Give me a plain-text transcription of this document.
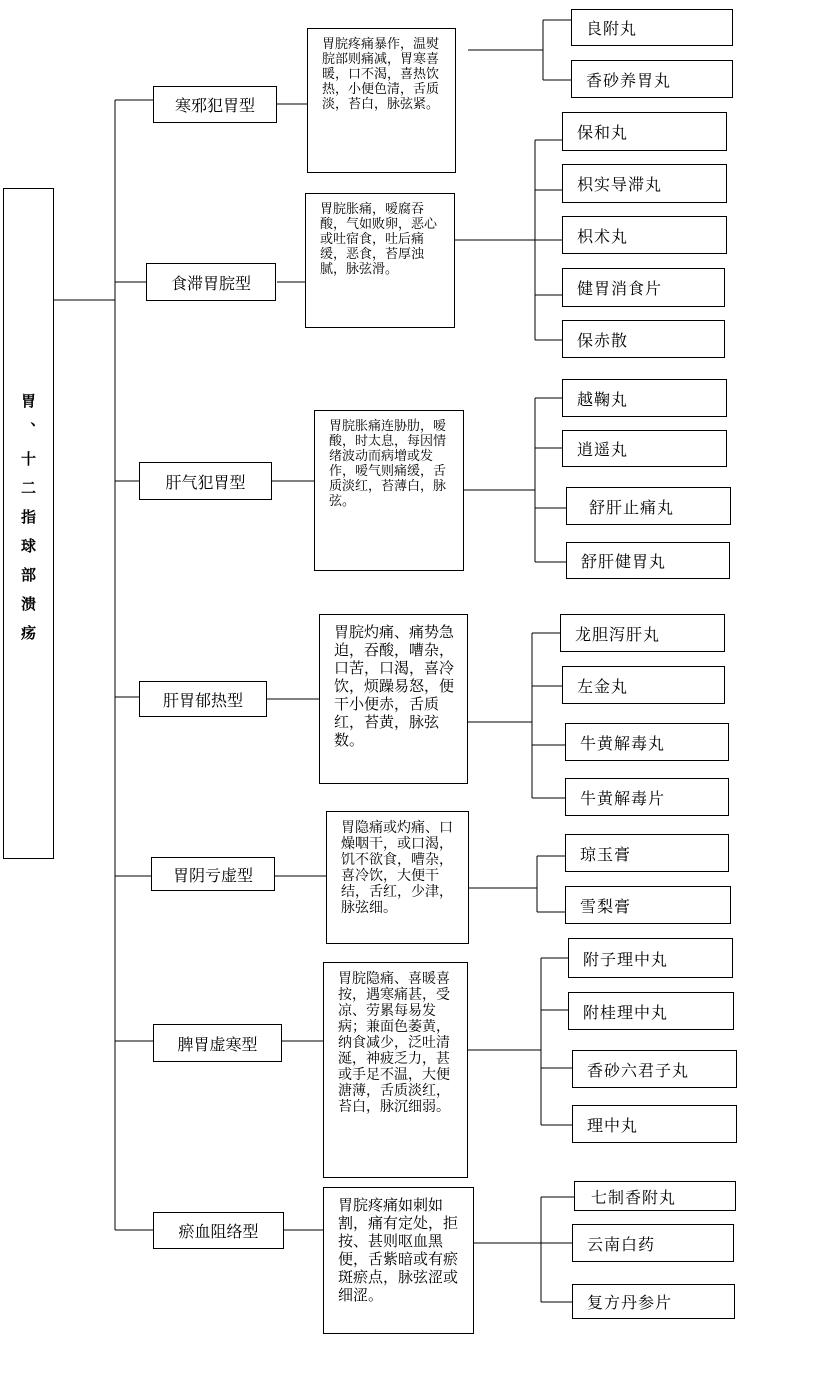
胃、十二指球部溃疡
寒邪犯胃型
食滞胃脘型
肝气犯胃型
肝胃郁热型
胃阴亏虚型
脾胃虚寒型
瘀血阻络型
胃脘疼痛暴作，温熨脘部则痛减，胃寒喜暖，口不渴，喜热饮热，小便色清，舌质淡，苔白，脉弦紧。
胃脘胀痛，嗳腐吞酸，气如败卵，恶心或吐宿食，吐后痛缓，恶食，苔厚浊腻，脉弦滑。
胃脘胀痛连胁肋，嗳酸，时太息，每因情绪波动而病增或发作，嗳气则痛缓，舌质淡红，苔薄白，脉弦。
胃脘灼痛、痛势急迫，吞酸，嘈杂，口苦，口渴，喜冷饮，烦躁易怒，便干小便赤，舌质红，苔黄，脉弦数。
胃隐痛或灼痛、口燥咽干，或口渴，饥不欲食，嘈杂，喜冷饮，大便干结，舌红，少津，脉弦细。
胃脘隐痛、喜暖喜按，遇寒痛甚，受凉、劳累每易发病；兼面色萎黄，纳食减少，泛吐清涎，神疲乏力，甚或手足不温，大便溏薄，舌质淡红，苔白，脉沉细弱。
胃脘疼痛如刺如割，痛有定处，拒按、甚则呕血黑便，舌紫暗或有瘀斑瘀点，脉弦涩或细涩。
良附丸
香砂养胃丸
保和丸
枳实导滞丸
枳术丸
健胃消食片
保赤散
越鞠丸
逍遥丸
舒肝止痛丸
舒肝健胃丸
龙胆泻肝丸
左金丸
牛黄解毒丸
牛黄解毒片
琼玉膏
雪梨膏
附子理中丸
附桂理中丸
香砂六君子丸
理中丸
七制香附丸
云南白药
复方丹参片
